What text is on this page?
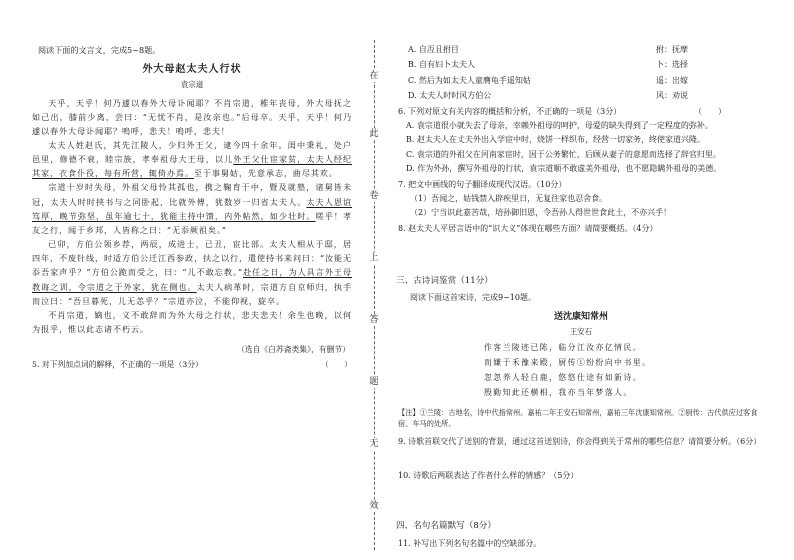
阅读下面的文言文，完成5~8题。

外大母赵太夫人行状
袁宗道

天乎，天乎！何乃遽以春外大母讣闻耶？不肖宗道，稚年丧母，外大母抚之如己出，膝前少离，尝曰：“无忧不肖，是汝亲也。”后母卒。天乎，天乎！何乃遽以春外大母讣闻耶？嗚呼，悲夫！嗚呼，悲夫！

太夫人姓赵氏，其先江陵人，少归外王父，逮今四十余年。闺中秉礼，处户邑里，修德不衰，睦宗族，孝奉祖母大王母，以儿外王父仕宦家贫，太夫人经纪其家，衣食仆役，每有所营，辄倚办焉。至于事舅姑，先意承志，曲尽其欢。

宗道十岁时失母，外祖父母怜其孤也，携之鞠育于中，暨及就塾，诸舅皆未冠，太夫人时时挟书与之同卧起，比就外傅，犹数岁一归省太夫人。太夫人恩谊笃厚，晚节弥坚，虽年逾七十，犹能主持中馈，内外帖然，如少壮时。嗟乎！孝友之行，闻于乡邦，人皆称之曰：“无忝厥祖矣。”

已卯，方伯公领乡荐，两辰，成进士，已丑，宦比部。太夫人相从于邸，居四年，不废针线，时适方伯公迁江西参政，扶之以行，遣使持书来问曰：“汝能无忝吾家声乎？”方伯公跪而受之，曰：“儿不敢忘教。”赴任之日，为人具言外王母教诲之训，令宗道之于外家，犹在侧也。太夫人病革时，宗道方自京师归，执手而泣曰：“吾旦暮死，儿无恙乎？”宗道亦泣，不能仰视，旋卒。

不肖宗道，嫡也，义不敢辞而为外大母之行状，悲夫悲夫！余生也晚，以何为报乎，惟以此志诸不朽云。

（选自《白苏斋类集》，有删节）
5. 对下列加点词的解释，不正确的一项是（3分）	（　　）
在
此
卷
上
答
题
无
效
A. 自冱且拊目	拊：抚摩
B. 自有妇卜太夫人	卜：选择
C. 然后为如太夫人童膺龟手遥知姑	遥：出嫁
D. 太夫人时时风方伯公	风：劝说
6. 下列对原文有关内容的概括和分析，不正确的一项是（3分）	（　　）
A. 袁宗道很小就失去了母亲，幸赖外祖母的呵护，母爱的缺失得到了一定程度的弥补。
B. 赵太夫人在丈夫外出入学宦中时，烧饼一样织布，经营一切家务，终使家道兴隆。
C. 袁宗道的外祖父在河南家宦时，因于公务繁忙，后顾从妻子的意愿而选择了辞官归里。
D. 作为外孙，撰写外祖母的行状，袁宗道顺不敢虚美外祖母，也不愿隐瞒外祖母的美德。
7. 把文中画线的句子翻译成现代汉语。（10分）
（1）吾闻之，姑钱禁入辟疾里日，无复往家也忍舍食。
（2）宁当识此嘉苦哉，培孙御旧恩，令吾孙人得世世食此土，不亦兴手！
8. 赵太夫人平居言语中的“识大义”体现在哪些方面？请简要概括。（4分）
三、古诗词鉴赏（11分）
阅读下面这首宋诗，完成9~10题。
送沈康知常州
王安石
作客兰陵迹已陈，临分江汝亦亿情民。
而嫌于禾豫来殿，厨传①纷纷向中书里。
忽忽养人轻白鹿，悠悠仕途有如新诗。
殷勤知此还横相，我亦当年梦落人。
【注】①兰陵：古地名，诗中代指常州。嘉祐二年王安石知常州，嘉祐三年沈康知常州。②厨传：古代供应过客食宿、车马的处所。
9. 诗歌首联交代了送别的背景，通过这首送别诗，你会得到关于常州的哪些信息？请简要分析。（6分）
10. 诗歌后两联表达了作者什么样的情感？（5分）
四、名句名篇默写（8分）
11. 补写出下列名句名篇中的空缺部分。
